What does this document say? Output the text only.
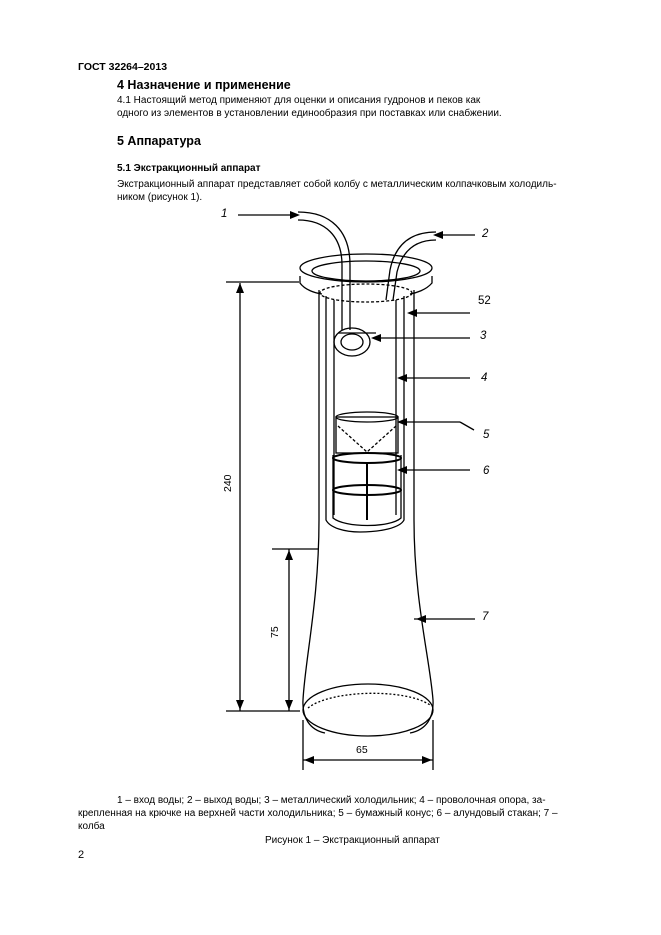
ГОСТ 32264–2013
4 Назначение и применение
4.1 Настоящий метод применяют для оценки и описания гудронов и пеков как
одного из элементов в установлении единообразия при поставках или снабжении.
5 Аппаратура
5.1 Экстракционный аппарат
Экстракционный аппарат представляет собой колбу с металлическим колпачковым холодиль-
ником (рисунок 1).
1
2
52
3
4
5
6
7
240
75
65
1 – вход воды; 2 – выход воды; 3 – металлический холодильник; 4 – проволочная опора, за-
крепленная на крючке на верхней части холодильника; 5 – бумажный конус; 6 – алундовый стакан; 7 –
колба
Рисунок 1 – Экстракционный аппарат
2
